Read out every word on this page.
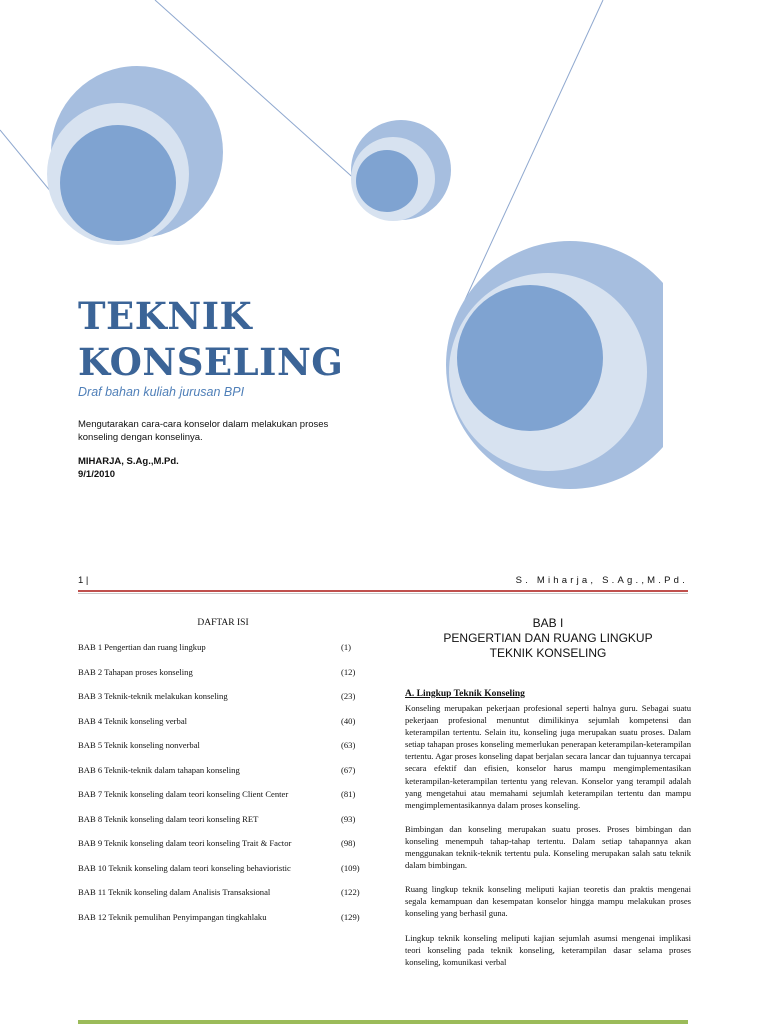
TEKNIK
KONSELING
Draf bahan kuliah jurusan BPI
Mengutarakan cara-cara konselor dalam melakukan proses konseling dengan konselinya.
MIHARJA, S.Ag.,M.Pd.
9/1/2010
1 |	S. Miharja, S.Ag.,M.Pd.
DAFTAR ISI
BAB 1 Pengertian dan ruang lingkup	(1)
BAB 2 Tahapan proses konseling	(12)
BAB 3 Teknik-teknik melakukan konseling	(23)
BAB 4 Teknik konseling verbal	(40)
BAB 5 Teknik konseling nonverbal	(63)
BAB 6 Teknik-teknik dalam tahapan konseling	(67)
BAB 7 Teknik konseling dalam teori konseling Client Center	(81)
BAB 8 Teknik konseling dalam teori konseling RET	(93)
BAB 9 Teknik konseling dalam teori konseling Trait & Factor	(98)
BAB 10 Teknik konseling dalam teori konseling behavioristic	(109)
BAB 11 Teknik konseling dalam Analisis Transaksional	(122)
BAB 12 Teknik pemulihan Penyimpangan tingkahlaku	(129)
BAB I
PENGERTIAN DAN RUANG LINGKUP
TEKNIK KONSELING
A. Lingkup Teknik Konseling

Konseling merupakan pekerjaan profesional seperti halnya guru. Sebagai suatu pekerjaan profesional menuntut dimilikinya sejumlah kompetensi dan keterampilan tertentu. Selain itu, konseling juga merupakan suatu proses. Dalam setiap tahapan proses konseling memerlukan penerapan keterampilan-keterampilan tertentu. Agar proses konseling dapat berjalan secara lancar dan tujuannya tercapai secara efektif dan efisien, konselor harus mampu mengimplementasikan keterampilan-keterampilan tertentu yang relevan. Konselor yang terampil adalah yang mengetahui atau memahami sejumlah keterampilan tertentu dan mampu mengimplementasikannya dalam proses konseling.

Bimbingan dan konseling merupakan suatu proses. Proses bimbingan dan konseling menempuh tahap-tahap tertentu. Dalam setiap tahapannya akan menggunakan teknik-teknik tertentu pula. Konseling merupakan salah satu teknik dalam bimbingan.

Ruang lingkup teknik konseling meliputi kajian teoretis dan praktis mengenai segala kemampuan dan kesempatan konselor hingga mampu melakukan proses konseling yang berhasil guna.

Lingkup teknik konseling meliputi kajian sejumlah asumsi mengenai implikasi teori konseling pada teknik konseling, keterampilan dasar selama proses konseling, komunikasi verbal
